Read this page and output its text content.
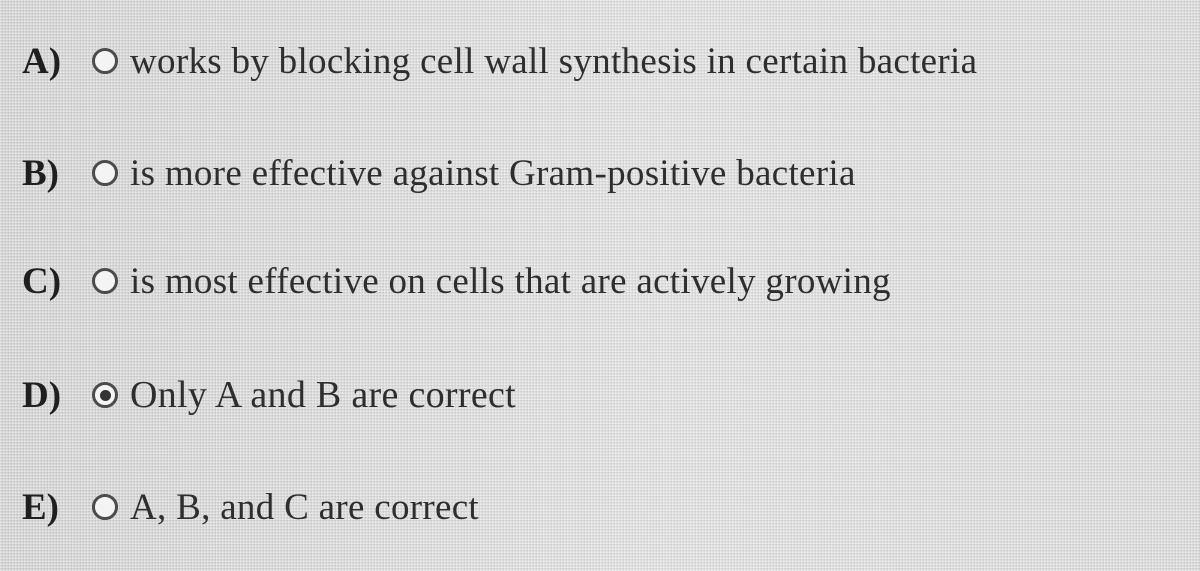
A)	works by blocking cell wall synthesis in certain bacteria
B)	is more effective against Gram-positive bacteria
C)	is most effective on cells that are actively growing
D)	Only A and B are correct
E)	A, B, and C are correct
